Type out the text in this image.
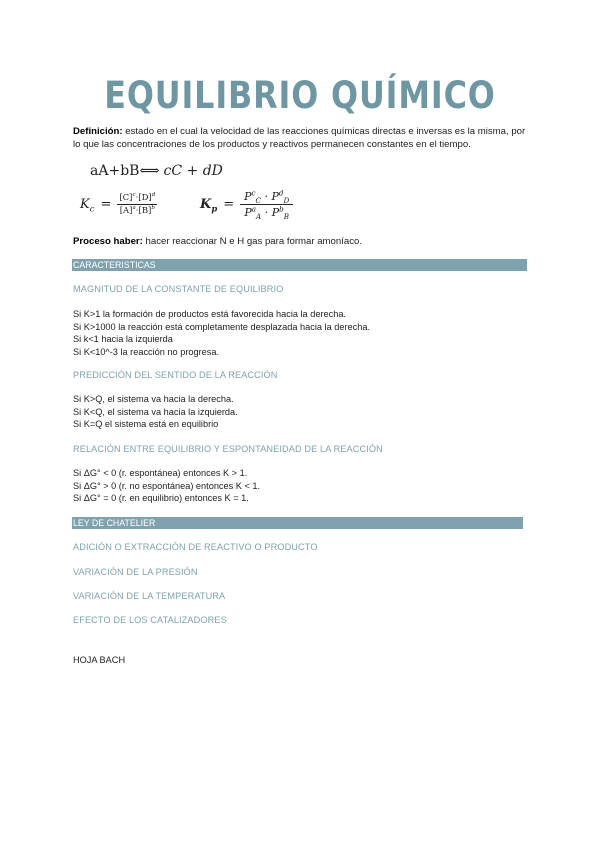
EQUILIBRIO QUÍMICO
Definición: estado en el cual la velocidad de las reacciones químicas directas e inversas es la misma, por lo que las concentraciones de los productos y reactivos permanecen constantes en el tiempo.
aA+bB⟺ cC + dD
$K_c = \frac{[C]^c\cdot[D]^d}{[A]^a\cdot[B]^b}$	$K_p = \frac{P^c_C \cdot P^d_D}{P^a_A \cdot P^b_B}$
Proceso haber: hacer reaccionar N e H gas para formar amoníaco.
CARACTERISTICAS
MAGNITUD DE LA CONSTANTE DE EQUILIBRIO
Si K>1 la formación de productos está favorecida hacia la derecha.
Si K>1000 la reacción está completamente desplazada hacia la derecha.
Si k<1 hacia la izquierda
Si K<10^-3 la reacción no progresa.
PREDICCIÓN DEL SENTIDO DE LA REACCIÓN
Si K>Q, el sistema va hacia la derecha.
Si K<Q, el sistema va hacia la izquierda.
Si K=Q el sistema está en equilibrio
RELACIÓN ENTRE EQUILIBRIO Y ESPONTANEIDAD DE LA REACCIÓN
Si ΔG° < 0 (r. espontánea) entonces K > 1.
Si ΔG° > 0 (r. no espontánea) entonces K < 1.
Si ΔG° = 0 (r. en equilibrio) entonces K = 1.
LEY DE CHATELIER
ADICIÓN O EXTRACCIÓN DE REACTIVO O PRODUCTO
VARIACIÓN DE LA PRESIÓN
VARIACIÓN DE LA TEMPERATURA
EFECTO DE LOS CATALIZADORES
HOJA BACH
